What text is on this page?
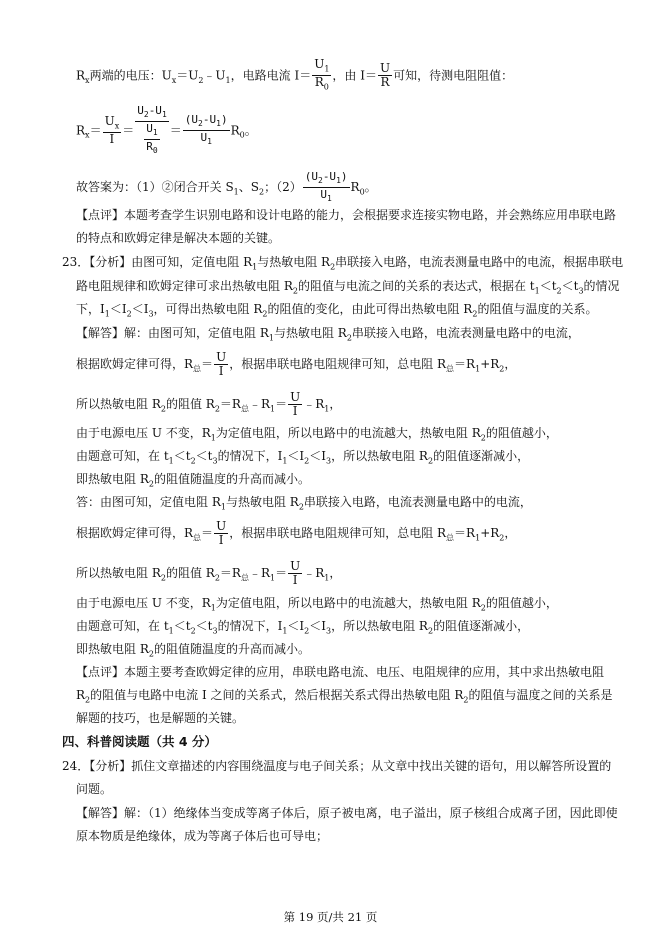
$R_x$两端的电压：$U_x=U_2﹣U_1$，电路电流 $I= \frac{U_1}{R_0}$ ，由 $I= \frac{U}{R}$ 可知，待测电阻阻值：
$R_x= \frac{U_x}{I} = \frac{U_2-U_1}{\frac{U_1}{R_0}} = \frac{(U_2-U_1)}{U_1} R_0$。
故答案为：（1）②闭合开关 $S_1$、$S_2$；$(2) \frac{(U_2-U_1)}{U_1} R_0$。
【点评】本题考查学生识别电路和设计电路的能力，会根据要求连接实物电路，并会熟练应用串联电路
的特点和欧姆定律是解决本题的关键。
23．【分析】由图可知，定值电阻 $R_1$与热敏电阻 $R_2$串联接入电路，电流表测量电路中的电流，根据串联电
路电阻规律和欧姆定律可求出热敏电阻 $R_2$的阻值与电流之间的关系的表达式，根据在 $t_1<t_2<t_3$的情况
下，$I_1<I_2<I_3$，可得出热敏电阻 $R_2$的阻值的变化，由此可得出热敏电阻 $R_2$的阻值与温度的关系。
【解答】解：由图可知，定值电阻 $R_1$与热敏电阻 $R_2$串联接入电路，电流表测量电路中的电流，
根据欧姆定律可得，$R_总= \frac{U}{I}$ ，根据串联电路电阻规律可知，总电阻 $R_总=R_1+R_2$，
所以热敏电阻 $R_2$的阻值 $R_2=R_总﹣R_1= \frac{U}{I}$ $﹣R_1$，
由于电源电压 U 不变，$R_1$为定值电阻，所以电路中的电流越大，热敏电阻 $R_2$的阻值越小，
由题意可知，在 $t_1<t_2<t_3$的情况下，$I_1<I_2<I_3$，所以热敏电阻 $R_2$的阻值逐渐减小，
即热敏电阻 $R_2$的阻值随温度的升高而减小。
答：由图可知，定值电阻 $R_1$与热敏电阻 $R_2$串联接入电路，电流表测量电路中的电流，
根据欧姆定律可得，$R_总= \frac{U}{I}$ ，根据串联电路电阻规律可知，总电阻 $R_总=R_1+R_2$，
所以热敏电阻 $R_2$的阻值 $R_2=R_总﹣R_1= \frac{U}{I}$ $﹣R_1$，
由于电源电压 U 不变，$R_1$为定值电阻，所以电路中的电流越大，热敏电阻 $R_2$的阻值越小，
由题意可知，在 $t_1<t_2<t_3$的情况下，$I_1<I_2<I_3$，所以热敏电阻 $R_2$的阻值逐渐减小，
即热敏电阻 $R_2$的阻值随温度的升高而减小。
【点评】本题主要考查欧姆定律的应用，串联电路电流、电压、电阻规律的应用，其中求出热敏电阻
$R_2$的阻值与电路中电流 I 之间的关系式，然后根据关系式得出热敏电阻 $R_2$的阻值与温度之间的关系是
解题的技巧，也是解题的关键。
四、科普阅读题（共 4 分）
24．【分析】抓住文章描述的内容围绕温度与电子间关系；从文章中找出关键的语句，用以解答所设置的
问题。
【解答】解：（1）绝缘体当变成等离子体后，原子被电离，电子溢出，原子核组合成离子团，因此即使
原本物质是绝缘体，成为等离子体后也可导电；
第 19 页/共 21 页
